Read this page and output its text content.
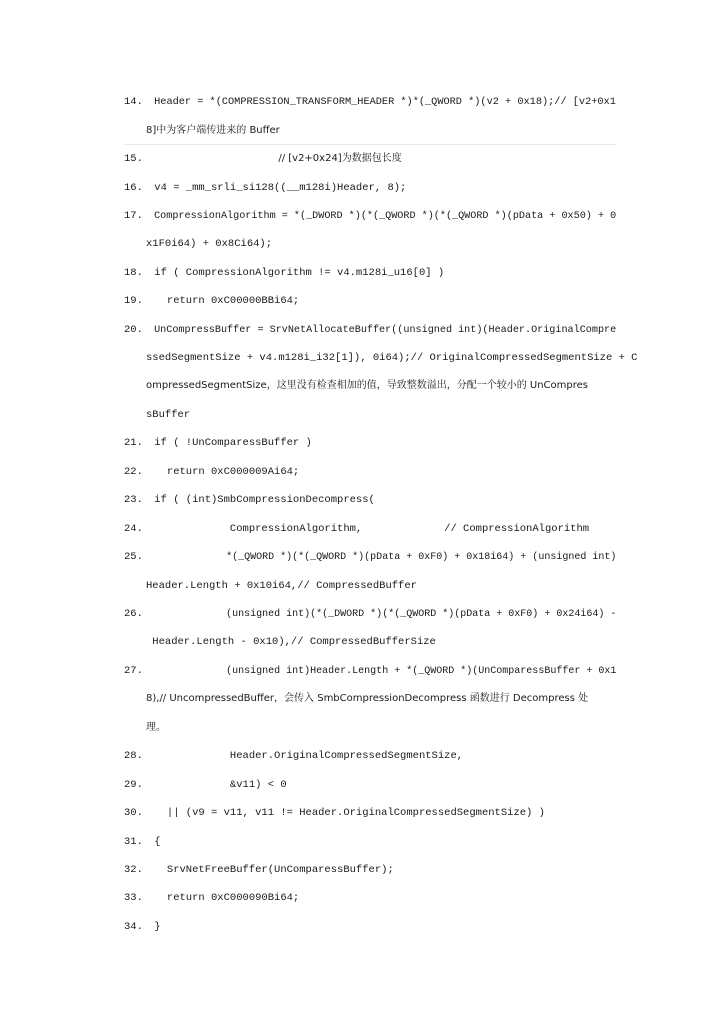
14. Header = *(COMPRESSION_TRANSFORM_HEADER *)*(_QWORD *)(v2 + 0x18);// [v2+0x1
8]中为客户端传进来的 Buffer
15. // [v2+0x24]为数据包长度
16. v4 = _mm_srli_si128((__m128i)Header, 8);
17. CompressionAlgorithm = *(_DWORD *)(*(_QWORD *)(*(_QWORD *)(pData + 0x50) + 0
x1F0i64) + 0x8Ci64);
18. if ( CompressionAlgorithm != v4.m128i_u16[0] )
19. return 0xC00000BBi64;
20. UnCompressBuffer = SrvNetAllocateBuffer((unsigned int)(Header.OriginalCompre
ssedSegmentSize + v4.m128i_i32[1]), 0i64);// OriginalCompressedSegmentSize + C
ompressedSegmentSize，这里没有检查相加的值，导致整数溢出，分配一个较小的 UnCompres
sBuffer
21. if ( !UnComparessBuffer )
22. return 0xC000009Ai64;
23. if ( (int)SmbCompressionDecompress(
24. CompressionAlgorithm,             // CompressionAlgorithm
25. *(_QWORD *)(*(_QWORD *)(pData + 0xF0) + 0x18i64) + (unsigned int)
Header.Length + 0x10i64,// CompressedBuffer
26. (unsigned int)(*(_DWORD *)(*(_QWORD *)(pData + 0xF0) + 0x24i64) -
Header.Length - 0x10),// CompressedBufferSize
27. (unsigned int)Header.Length + *(_QWORD *)(UnComparessBuffer + 0x1
8),// UncompressedBuffer，会传入 SmbCompressionDecompress 函数进行 Decompress 处
理。
28. Header.OriginalCompressedSegmentSize,
29. &v11) < 0
30. || (v9 = v11, v11 != Header.OriginalCompressedSegmentSize) )
31. {
32. SrvNetFreeBuffer(UnComparessBuffer);
33. return 0xC000090Bi64;
34. }
